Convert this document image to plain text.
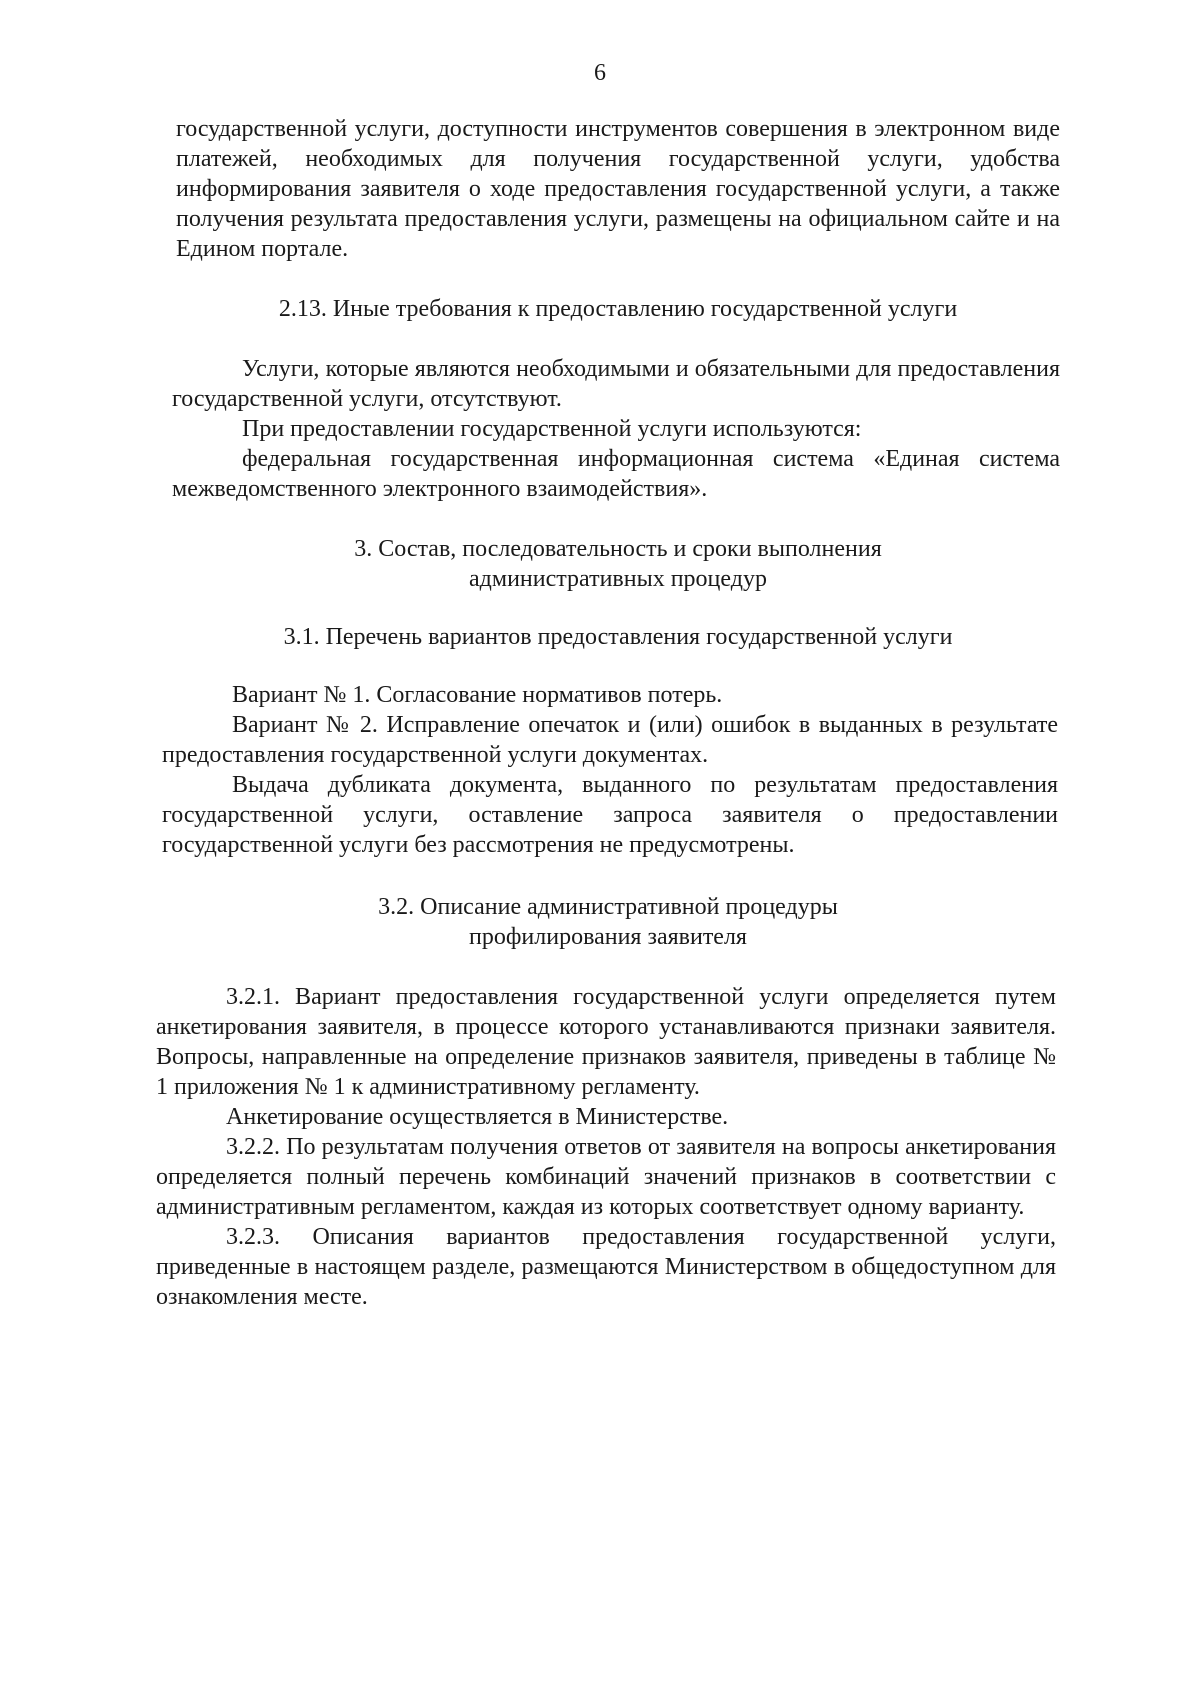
6

государственной услуги, доступности инструментов совершения в электронном виде платежей, необходимых для получения государственной услуги, удобства информирования заявителя о ходе предоставления государственной услуги, а также получения результата предоставления услуги, размещены на официальном сайте и на Едином портале.

2.13. Иные требования к предоставлению государственной услуги

Услуги, которые являются необходимыми и обязательными для предоставления государственной услуги, отсутствуют.

При предоставлении государственной услуги используются:

федеральная государственная информационная система «Единая система межведомственного электронного взаимодействия».

3. Состав, последовательность и сроки выполнения

административных процедур

3.1. Перечень вариантов предоставления государственной услуги

Вариант № 1. Согласование нормативов потерь.

Вариант № 2. Исправление опечаток и (или) ошибок в выданных в результате предоставления государственной услуги документах.

Выдача дубликата документа, выданного по результатам предоставления государственной услуги, оставление запроса заявителя о предоставлении государственной услуги без рассмотрения не предусмотрены.

3.2. Описание административной процедуры

профилирования заявителя

3.2.1. Вариант предоставления государственной услуги определяется путем анкетирования заявителя, в процессе которого устанавливаются признаки заявителя. Вопросы, направленные на определение признаков заявителя, приведены в таблице № 1 приложения № 1 к административному регламенту.

Анкетирование осуществляется в Министерстве.

3.2.2. По результатам получения ответов от заявителя на вопросы анкетирования определяется полный перечень комбинаций значений признаков в соответствии с административным регламентом, каждая из которых соответствует одному варианту.

3.2.3. Описания вариантов предоставления государственной услуги, приведенные в настоящем разделе, размещаются Министерством в общедоступном для ознакомления месте.
